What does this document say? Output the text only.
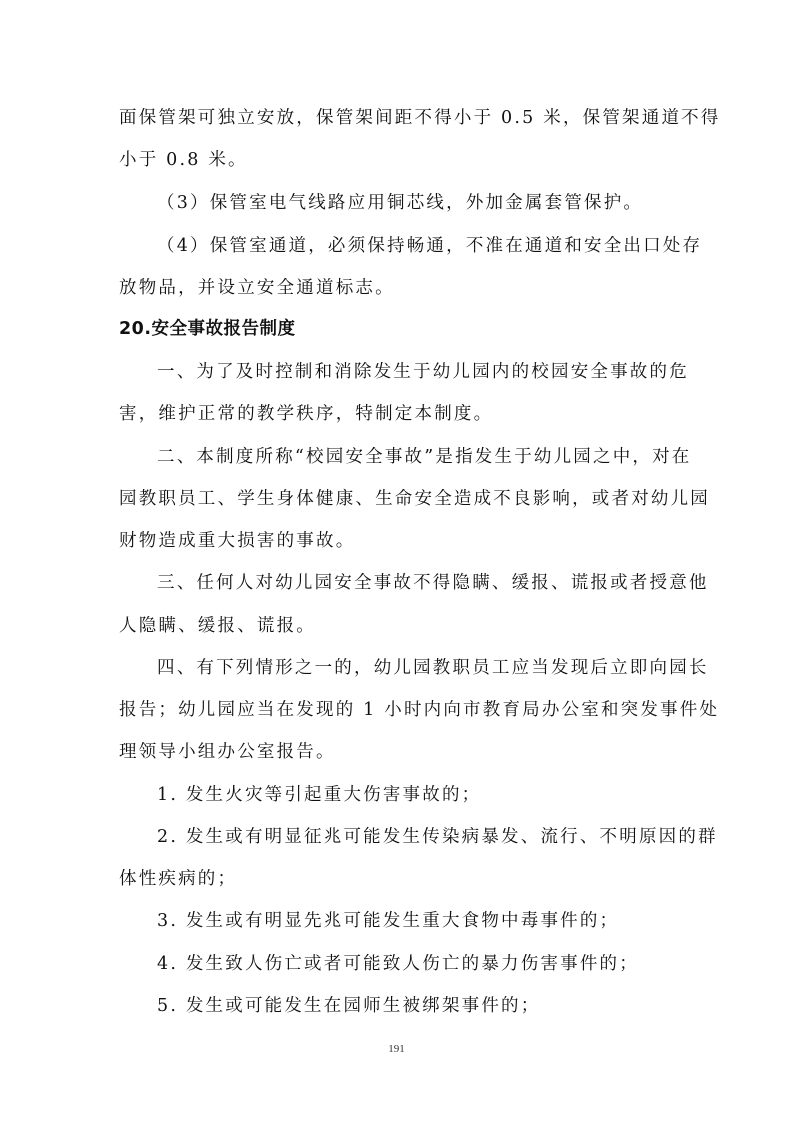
面保管架可独立安放，保管架间距不得小于 0.5 米，保管架通道不得
小于 0.8 米。
（3）保管室电气线路应用铜芯线，外加金属套管保护。
（4）保管室通道，必须保持畅通，不准在通道和安全出口处存
放物品，并设立安全通道标志。
20.安全事故报告制度
一、为了及时控制和消除发生于幼儿园内的校园安全事故的危
害，维护正常的教学秩序，特制定本制度。
二、本制度所称“校园安全事故”是指发生于幼儿园之中，对在
园教职员工、学生身体健康、生命安全造成不良影响，或者对幼儿园
财物造成重大损害的事故。
三、任何人对幼儿园安全事故不得隐瞒、缓报、谎报或者授意他
人隐瞒、缓报、谎报。
四、有下列情形之一的，幼儿园教职员工应当发现后立即向园长
报告；幼儿园应当在发现的 1 小时内向市教育局办公室和突发事件处
理领导小组办公室报告。
1. 发生火灾等引起重大伤害事故的；
2. 发生或有明显征兆可能发生传染病暴发、流行、不明原因的群
体性疾病的；
3. 发生或有明显先兆可能发生重大食物中毒事件的；
4. 发生致人伤亡或者可能致人伤亡的暴力伤害事件的；
5. 发生或可能发生在园师生被绑架事件的；
191
